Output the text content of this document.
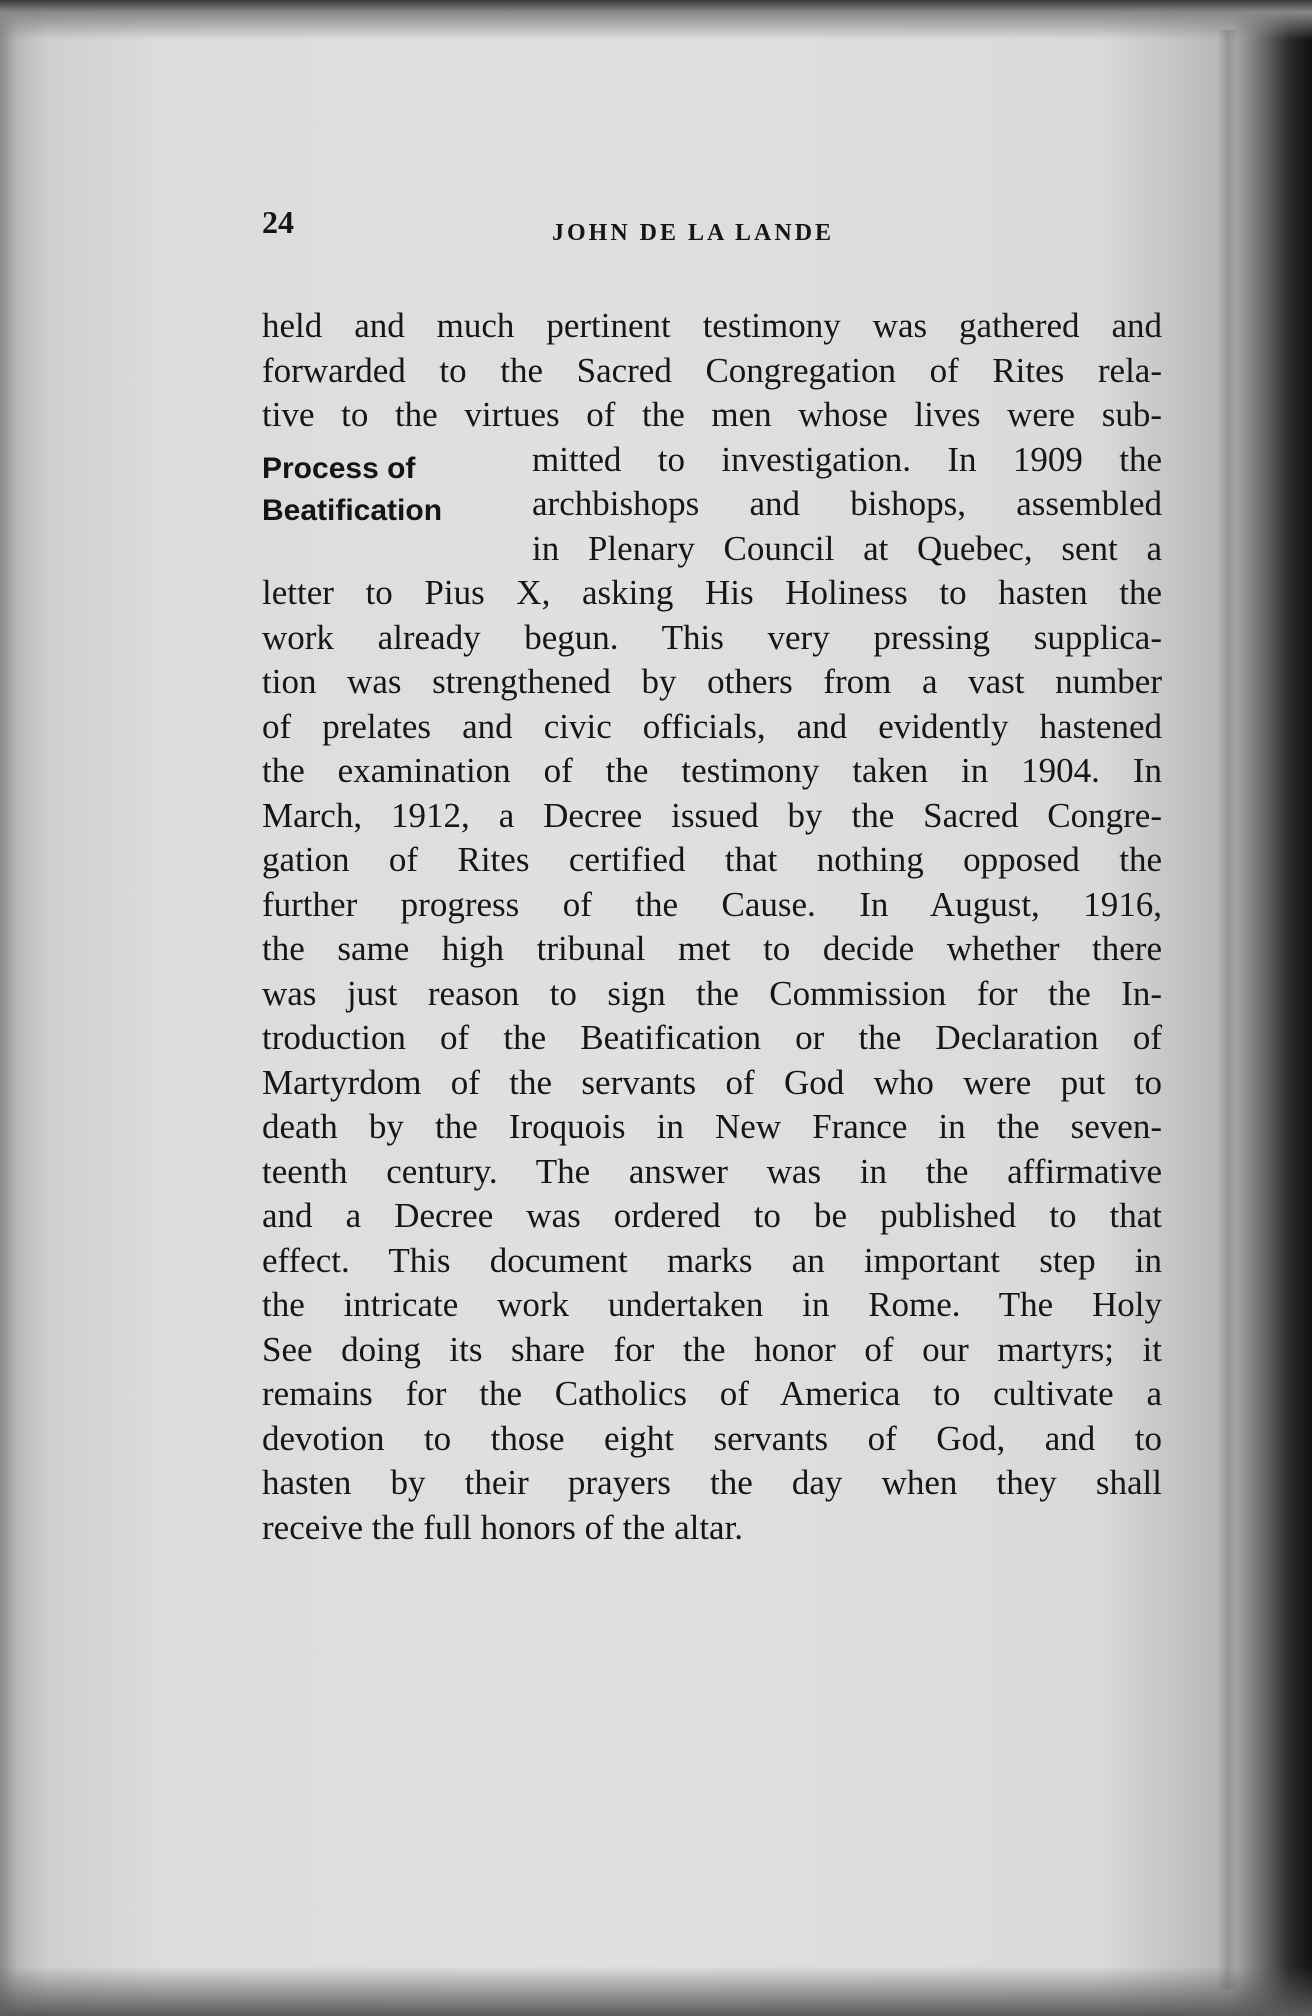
24	JOHN DE LA LANDE
Process of
Beatification
held and much pertinent testimony was gathered and
forwarded to the Sacred Congregation of Rites rela-
tive to the virtues of the men whose lives were sub-
mitted to investigation. In 1909 the
archbishops and bishops, assembled
in Plenary Council at Quebec, sent a
letter to Pius X, asking His Holiness to hasten the
work already begun. This very pressing supplica-
tion was strengthened by others from a vast number
of prelates and civic officials, and evidently hastened
the examination of the testimony taken in 1904. In
March, 1912, a Decree issued by the Sacred Congre-
gation of Rites certified that nothing opposed the
further progress of the Cause. In August, 1916,
the same high tribunal met to decide whether there
was just reason to sign the Commission for the In-
troduction of the Beatification or the Declaration of
Martyrdom of the servants of God who were put to
death by the Iroquois in New France in the seven-
teenth century. The answer was in the affirmative
and a Decree was ordered to be published to that
effect. This document marks an important step in
the intricate work undertaken in Rome. The Holy
See doing its share for the honor of our martyrs; it
remains for the Catholics of America to cultivate a
devotion to those eight servants of God, and to
hasten by their prayers the day when they shall
receive the full honors of the altar.
